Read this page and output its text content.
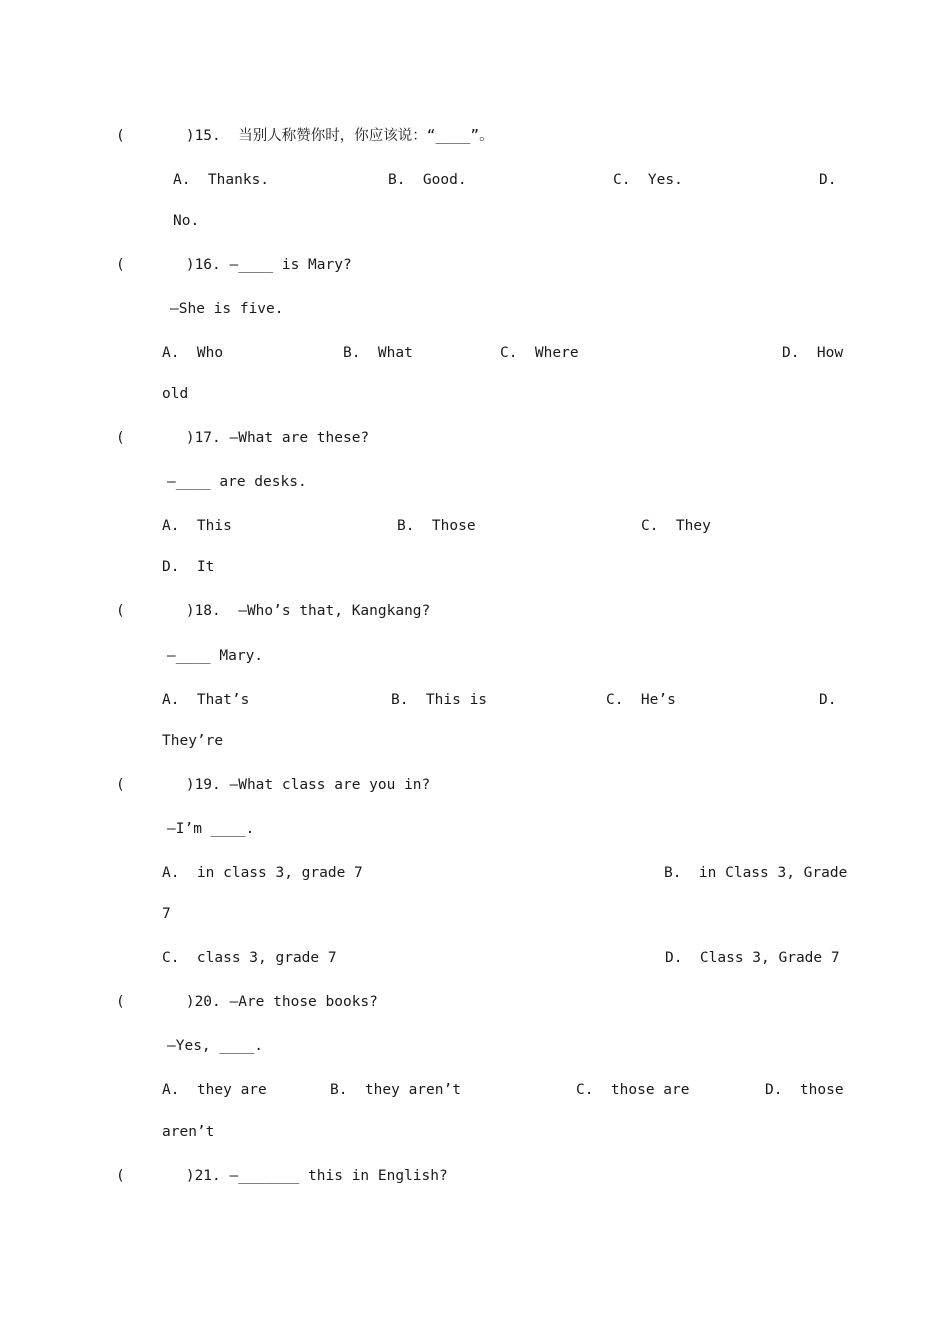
(       )15.  当别人称赞你时，你应该说：“____”。
A.  Thanks.	B.  Good.	C.  Yes.	D.
No.
(       )16. —____ is Mary?
—She is five.
A.  Who	B.  What	C.  Where	D.  How
old
(       )17. —What are these?
—____ are desks.
A.  This	B.  Those	C.  They
D.  It
(       )18.  —Who’s that, Kangkang?
—____ Mary.
A.  That’s	B.  This is	C.  He’s	D.
They’re
(       )19. —What class are you in?
—I’m ____.
A.  in class 3, grade 7	B.  in Class 3, Grade
7
C.  class 3, grade 7	D.  Class 3, Grade 7
(       )20. —Are those books?
—Yes, ____.
A.  they are	B.  they aren’t	C.  those are	D.  those
aren’t
(       )21. —_______ this in English?
